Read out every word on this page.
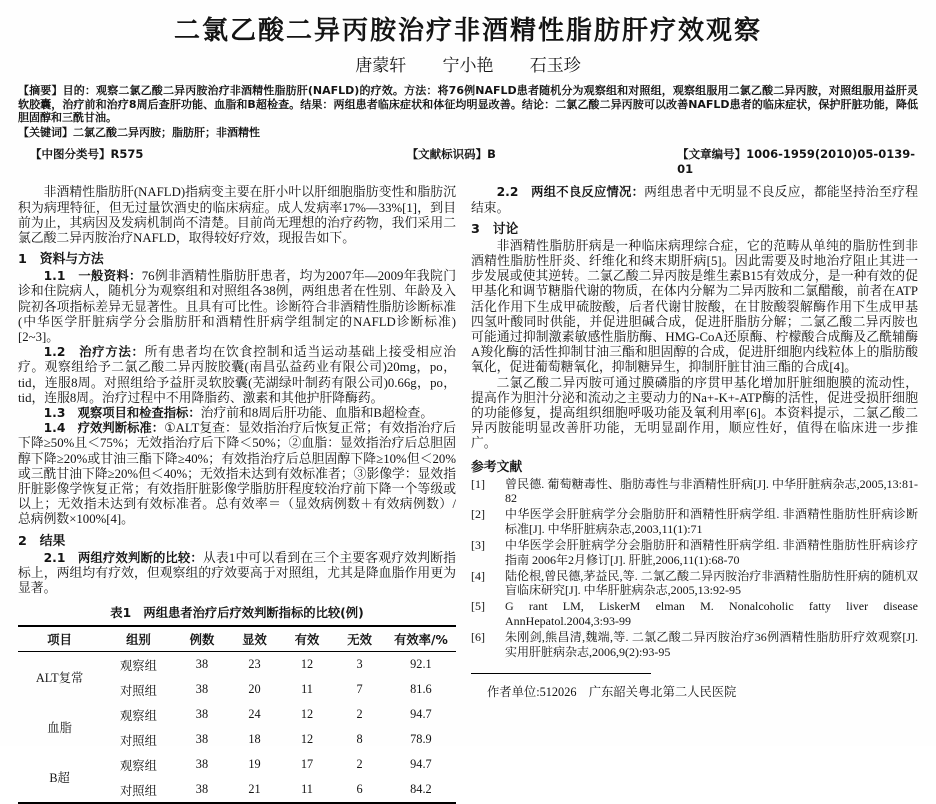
二氯乙酸二异丙胺治疗非酒精性脂肪肝疗效观察
唐蒙轩 宁小艳 石玉珍

【摘要】目的：观察二氯乙酸二异丙胺治疗非酒精性脂肪肝(NAFLD)的疗效。方法：将76例NAFLD患者随机分为观察组和对照组，观察组服用二氯乙酸二异丙胺，对照组服用益肝灵软胶囊，治疗前和治疗8周后查肝功能、血脂和B超检查。结果：两组患者临床症状和体征均明显改善。结论：二氯乙酸二异丙胺可以改善NAFLD患者的临床症状，保护肝脏功能，降低胆固醇和三酰甘油。

【关键词】二氯乙酸二异丙胺；脂肪肝；非酒精性

【中图分类号】R575	【文献标识码】B	【文章编号】1006-1959(2010)05-0139-01

非酒精性脂肪肝(NAFLD)指病变主要在肝小叶以肝细胞脂肪变性和脂肪沉积为病理特征，但无过量饮酒史的临床病症。成人发病率17%—33%[1]，到目前为止，其病因及发病机制尚不清楚。目前尚无理想的治疗药物，我们采用二氯乙酸二异丙胺治疗NAFLD，取得较好疗效，现报告如下。

1　资料与方法

1.1　一般资料：76例非酒精性脂肪肝患者，均为2007年—2009年我院门诊和住院病人，随机分为观察组和对照组各38例，两组患者在性别、年龄及入院初各项指标差异无显著性。且具有可比性。诊断符合非酒精性脂肪诊断标准(中华医学肝脏病学分会脂肪肝和酒精性肝病学组制定的NAFLD诊断标准)[2~3]。

1.2　治疗方法：所有患者均在饮食控制和适当运动基础上接受相应治疗。观察组给予二氯乙酸二异丙胺胶囊(南昌弘益药业有限公司)20mg，po，tid，连服8周。对照组给予益肝灵软胶囊(芜湖绿叶制药有限公司)0.66g，po，tid，连服8周。治疗过程中不用降脂药、激素和其他护肝降酶药。

1.3　观察项目和检查指标：治疗前和8周后肝功能、血脂和B超检查。

1.4　疗效判断标准：①ALT复查：显效指治疗后恢复正常；有效指治疗后下降≥50%且＜75%；无效指治疗后下降＜50%；②血脂：显效指治疗后总胆固醇下降≥20%或甘油三酯下降≥40%；有效指治疗后总胆固醇下降≥10%但＜20%或三酰甘油下降≥20%但＜40%；无效指未达到有效标准者；③影像学：显效指肝脏影像学恢复正常；有效指肝脏影像学脂肪肝程度较治疗前下降一个等级或以上；无效指未达到有效标准者。总有效率＝（显效病例数＋有效病例数）/总病例数×100%[4]。

2　结果

2.1　两组疗效判断的比较：从表1中可以看到在三个主要客观疗效判断指标上，两组均有疗效，但观察组的疗效要高于对照组，尤其是降血脂作用更为显著。

表1　两组患者治疗后疗效判断指标的比较(例)
项目	组别	例数	显效	有效	无效	有效率/%
ALT复常	观察组	38	23	12	3	92.1
	对照组	38	20	11	7	81.6
血脂	观察组	38	24	12	2	94.7
	对照组	38	18	12	8	78.9
B超	观察组	38	19	17	2	94.7
	对照组	38	21	11	6	84.2

2.2　两组不良反应情况：两组患者中无明显不良反应，都能坚持治至疗程结束。

3　讨论

非酒精性脂肪肝病是一种临床病理综合症，它的范畴从单纯的脂肪性到非酒精性脂肪性肝炎、纤维化和终末期肝病[5]。因此需要及时地治疗阻止其进一步发展或使其逆转。二氯乙酸二异丙胺是维生素B15有效成分，是一种有效的促甲基化和调节糖脂代谢的物质，在体内分解为二异丙胺和二氯醋酸，前者在ATP活化作用下生成甲硫胺酸，后者代谢甘胺酸，在甘胺酸裂解酶作用下生成甲基四氢叶酸同时供能，并促进胆碱合成，促进肝脂肪分解；二氯乙酸二异丙胺也可能通过抑制激素敏感性脂肪酶、HMG-CoA还原酶、柠檬酸合成酶及乙酰辅酶A羧化酶的活性抑制甘油三酯和胆固醇的合成，促进肝细胞内线粒体上的脂肪酸氧化，促进葡萄糖氧化，抑制糖异生，抑制肝脏甘油三酯的合成[4]。

二氯乙酸二异丙胺可通过膜磷脂的序贯甲基化增加肝脏细胞膜的流动性，提高作为胆汁分泌和流动之主要动力的Na+-K+-ATP酶的活性，促进受损肝细胞的功能修复，提高组织细胞呼吸功能及氧利用率[6]。本资料提示，二氯乙酸二异丙胺能明显改善肝功能，无明显副作用，顺应性好，值得在临床进一步推广。

参考文献
[1]	曾民德. 葡萄糖毒性、脂肪毒性与非酒精性肝病[J]. 中华肝脏病杂志,2005,13:81-82
[2]	中华医学会肝脏病学分会脂肪肝和酒精性肝病学组. 非酒精性脂肪性肝病诊断标准[J]. 中华肝脏病杂志,2003,11(1):71
[3]	中华医学会肝脏病学分会脂肪肝和酒精性肝病学组. 非酒精性脂肪性肝病诊疗指南 2006年2月修订[J]. 肝脏,2006,11(1):68-70
[4]	陆伦根,曾民德,茅益民,等. 二氯乙酸二异丙胺治疗非酒精性脂肪性肝病的随机双盲临床研究[J]. 中华肝脏病杂志,2005,13:92-95
[5]	G rant LM, LiskerM elman M. Nonalcoholic fatty liver disease AnnHepatol.2004,3:93-99
[6]	朱刚剑,熊昌清,魏端,等. 二氯乙酸二异丙胺治疗36例酒精性脂肪肝疗效观察[J]. 实用肝脏病杂志,2006,9(2):93-95
作者单位:512026　广东韶关粤北第二人民医院
